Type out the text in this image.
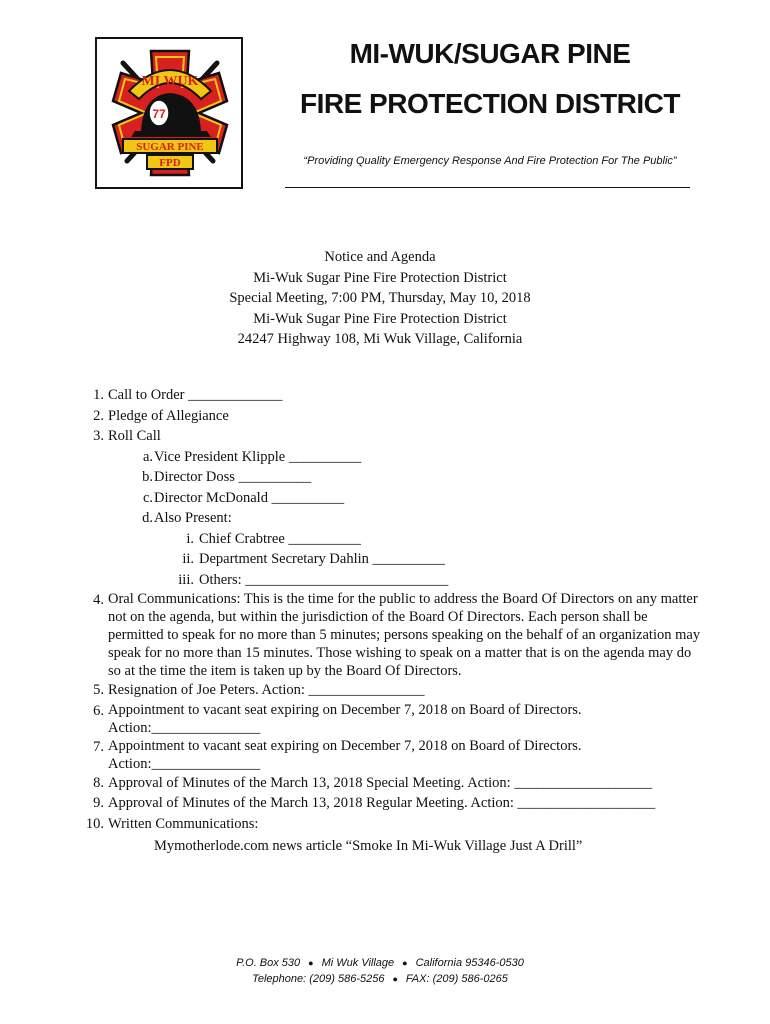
MI WUK
77
SUGAR PINE
FPD
MI-WUK/SUGAR PINE
FIRE PROTECTION DISTRICT
“Providing Quality Emergency Response And Fire Protection For The Public”
Notice and Agenda
Mi-Wuk Sugar Pine Fire Protection District
Special Meeting, 7:00 PM, Thursday, May 10, 2018
Mi-Wuk Sugar Pine Fire Protection District
24247 Highway 108, Mi Wuk Village, California
1. Call to Order _____________
2. Pledge of Allegiance
3. Roll Call
a. Vice President Klipple __________
b. Director Doss __________
c. Director McDonald __________
d. Also Present:
i. Chief Crabtree __________
ii. Department Secretary Dahlin __________
iii. Others: ____________________________
4. Oral Communications: This is the time for the public to address the Board Of Directors on any matter not on the agenda, but within the jurisdiction of the Board Of Directors. Each person shall be permitted to speak for no more than 5 minutes; persons speaking on the behalf of an organization may speak for no more than 15 minutes. Those wishing to speak on a matter that is on the agenda may do so at the time the item is taken up by the Board Of Directors.
5. Resignation of Joe Peters. Action: ________________
6. Appointment to vacant seat expiring on December 7, 2018 on Board of Directors.
Action:_______________
7. Appointment to vacant seat expiring on December 7, 2018 on Board of Directors.
Action:_______________
8. Approval of Minutes of the March 13, 2018 Special Meeting. Action: ___________________
9. Approval of Minutes of the March 13, 2018 Regular Meeting. Action: ___________________
10. Written Communications:
Mymotherlode.com news article “Smoke In Mi-Wuk Village Just A Drill”
P.O. Box 530 ● Mi Wuk Village ● California 95346-0530
Telephone: (209) 586-5256 ● FAX: (209) 586-0265
